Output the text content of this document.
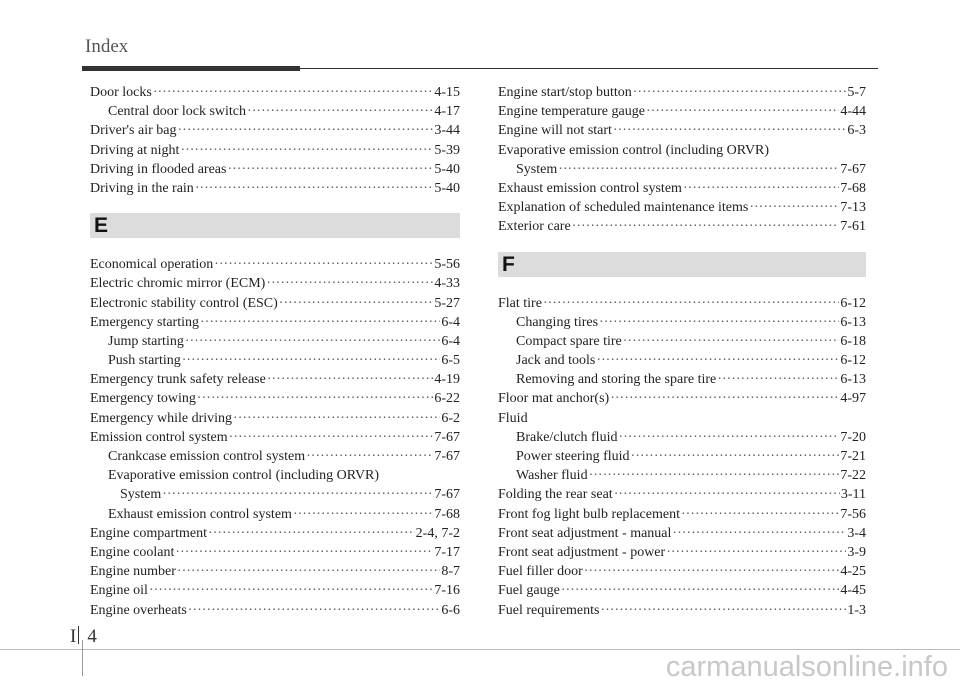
Index
Door locks ·····	4-15
Central door lock switch ·····	4-17
Driver's air bag ·····	3-44
Driving at night ·····	5-39
Driving in flooded areas ·····	5-40
Driving in the rain ·····	5-40
E
Economical operation ·····	5-56
Electric chromic mirror (ECM) ·····	4-33
Electronic stability control (ESC) ·····	5-27
Emergency starting ·····	6-4
Jump starting ·····	6-4
Push starting ·····	6-5
Emergency trunk safety release ·····	4-19
Emergency towing ·····	6-22
Emergency while driving ·····	6-2
Emission control system ·····	7-67
Crankcase emission control system ·····	7-67
Evaporative emission control (including ORVR)
System ·····	7-67
Exhaust emission control system ·····	7-68
Engine compartment ·····	2-4, 7-2
Engine coolant ·····	7-17
Engine number ·····	8-7
Engine oil ·····	7-16
Engine overheats ·····	6-6
Engine start/stop button ·····	5-7
Engine temperature gauge ·····	4-44
Engine will not start ·····	6-3
Evaporative emission control (including ORVR)
System ·····	7-67
Exhaust emission control system ·····	7-68
Explanation of scheduled maintenance items ·····	7-13
Exterior care ·····	7-61
F
Flat tire ·····	6-12
Changing tires ·····	6-13
Compact spare tire ·····	6-18
Jack and tools ·····	6-12
Removing and storing the spare tire ·····	6-13
Floor mat anchor(s) ·····	4-97
Fluid
Brake/clutch fluid ·····	7-20
Power steering fluid ·····	7-21
Washer fluid ·····	7-22
Folding the rear seat ·····	3-11
Front fog light bulb replacement ·····	7-56
Front seat adjustment - manual ·····	3-4
Front seat adjustment - power ·····	3-9
Fuel filler door ·····	4-25
Fuel gauge ·····	4-45
Fuel requirements ·····	1-3
I 4
carmanualsonline.info
